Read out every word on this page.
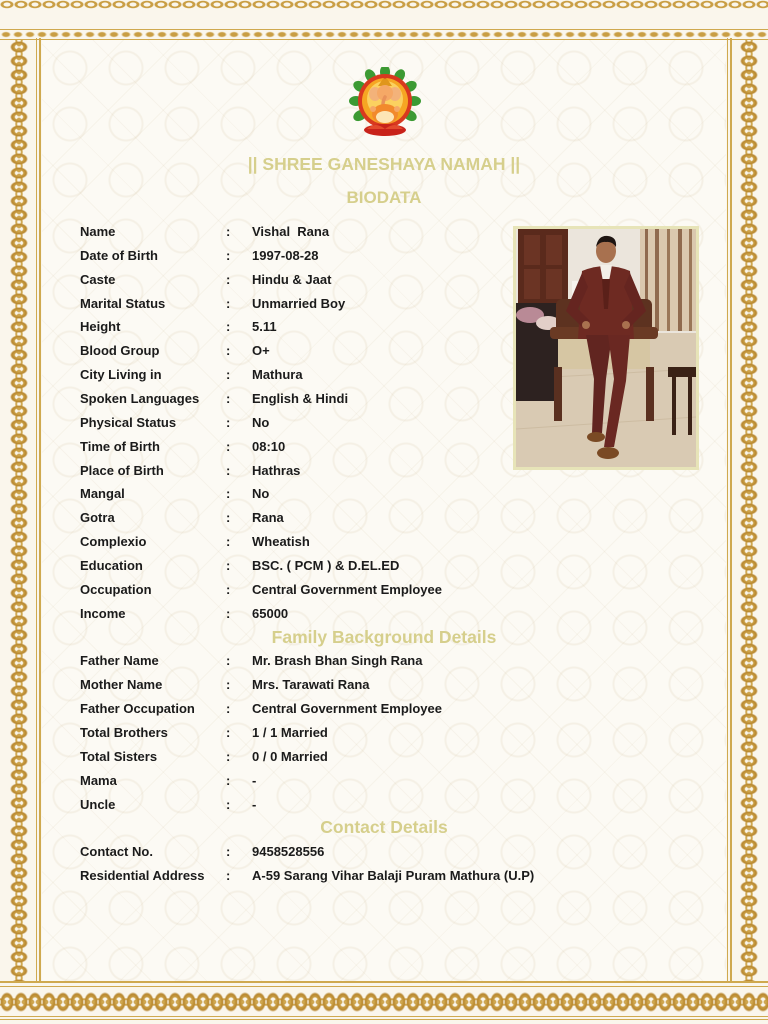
|| SHREE GANESHAYA NAMAH ||
BIODATA
Name	: Vishal  Rana
Date of Birth	: 1997-08-28
Caste	: Hindu & Jaat
Marital Status	: Unmarried Boy
Height	: 5.11
Blood Group	: O+
City Living in	: Mathura
Spoken Languages : English & Hindi
Physical Status	: No
Time of Birth	: 08:10
Place of Birth	: Hathras
Mangal	: No
Gotra	: Rana
Complexio	: Wheatish
Education	: BSC. ( PCM ) & D.EL.ED
Occupation	: Central Government Employee
Income	: 65000
Family Background Details
Father Name	: Mr. Brash Bhan Singh Rana
Mother Name	: Mrs. Tarawati Rana
Father Occupation : Central Government Employee
Total Brothers	: 1 / 1 Married
Total Sisters	: 0 / 0 Married
Mama	: -
Uncle	: -
Contact Details
Contact No.	: 9458528556
Residential Address : A-59 Sarang Vihar Balaji Puram Mathura (U.P)
